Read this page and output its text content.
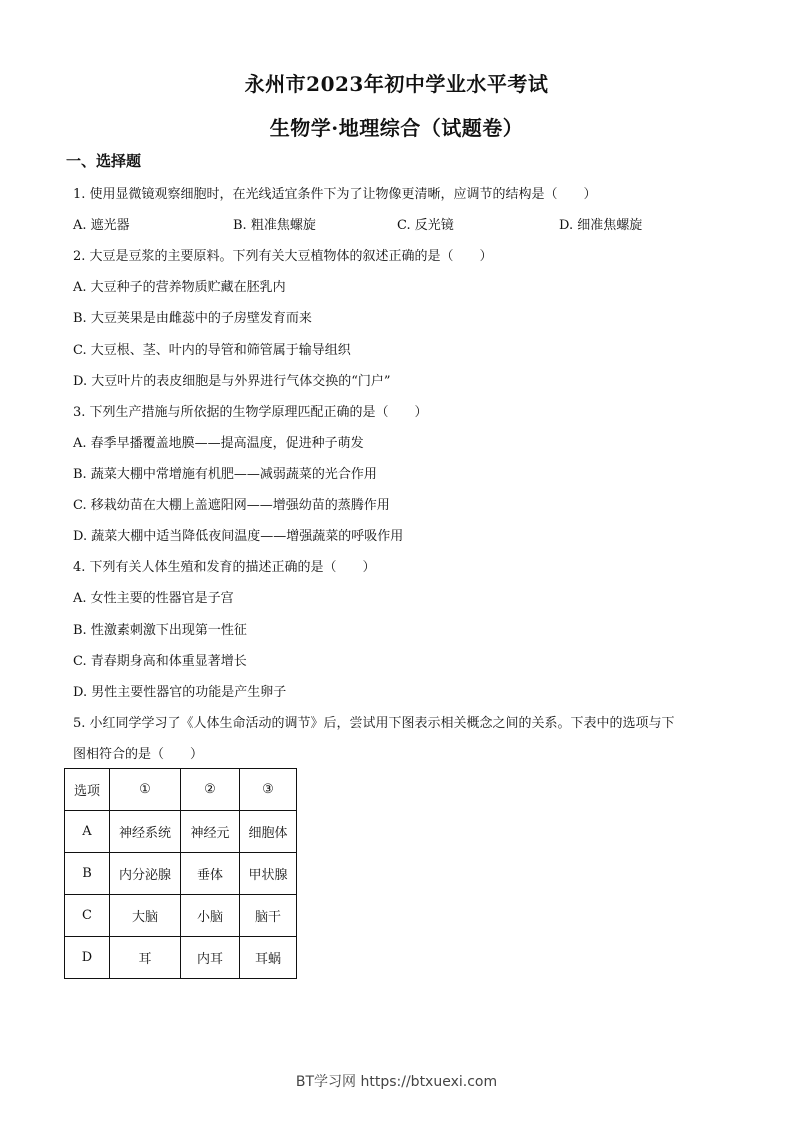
永州市2023年初中学业水平考试
生物学·地理综合（试题卷）
一、选择题
1. 使用显微镜观察细胞时，在光线适宜条件下为了让物像更清晰，应调节的结构是（　　）
A. 遮光器	B. 粗准焦螺旋	C. 反光镜	D. 细准焦螺旋
2. 大豆是豆浆的主要原料。下列有关大豆植物体的叙述正确的是（　　）
A. 大豆种子的营养物质贮藏在胚乳内
B. 大豆荚果是由雌蕊中的子房壁发育而来
C. 大豆根、茎、叶内的导管和筛管属于输导组织
D. 大豆叶片的表皮细胞是与外界进行气体交换的“门户”
3. 下列生产措施与所依据的生物学原理匹配正确的是（　　）
A. 春季早播覆盖地膜——提高温度，促进种子萌发
B. 蔬菜大棚中常增施有机肥——减弱蔬菜的光合作用
C. 移栽幼苗在大棚上盖遮阳网——增强幼苗的蒸腾作用
D. 蔬菜大棚中适当降低夜间温度——增强蔬菜的呼吸作用
4. 下列有关人体生殖和发育的描述正确的是（　　）
A. 女性主要的性器官是子宫
B. 性激素刺激下出现第一性征
C. 青春期身高和体重显著增长
D. 男性主要性器官的功能是产生卵子
5. 小红同学学习了《人体生命活动的调节》后，尝试用下图表示相关概念之间的关系。下表中的选项与下
图相符合的是（　　）
选项	①	②	③
A	神经系统	神经元	细胞体
B	内分泌腺	垂体	甲状腺
C	大脑	小脑	脑干
D	耳	内耳	耳蜗
BT学习网 https://btxuexi.com
